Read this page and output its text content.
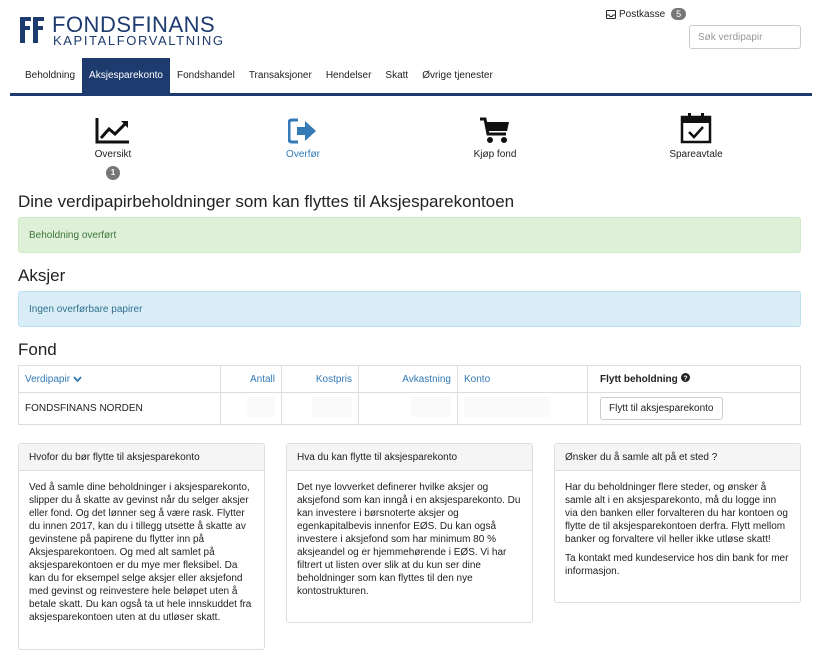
FONDSFINANS
KAPITALFORVALTNING
Postkasse	5
Søk verdipapir
Beholdning	Aksjesparekonto	Fondshandel	Transaksjoner	Hendelser	Skatt	Øvrige tjenester
Oversikt
1
Overfør	Kjøp fond	Spareavtale
Dine verdipapirbeholdninger som kan flyttes til Aksjesparekontoen
Beholdning overført
Aksjer
Ingen overførbare papirer
Fond
Verdipapir	Antall	Kostpris	Avkastning	Konto	Flytt beholdning ?

FONDSFINANS NORDEN					Flytt til aksjesparekonto
Hvofor du bør flytte til aksjesparekonto

Ved å samle dine beholdninger i aksjesparekonto, slipper du å skatte av gevinst når du selger aksjer eller fond. Og det lønner seg å være rask. Flytter du innen 2017, kan du i tillegg utsette å skatte av gevinstene på papirene du flytter inn på Aksjesparekontoen. Og med alt samlet på aksjesparekontoen er du mye mer fleksibel. Da kan du for eksempel selge aksjer eller aksjefond med gevinst og reinvestere hele beløpet uten å betale skatt. Du kan også ta ut hele innskuddet fra aksjesparekontoen uten at du utløser skatt.

Hva du kan flytte til aksjesparekonto

Det nye lovverket definerer hvilke aksjer og aksjefond som kan inngå i en aksjesparekonto. Du kan investere i børsnoterte aksjer og egenkapitalbevis innenfor EØS. Du kan også investere i aksjefond som har minimum 80 % aksjeandel og er hjemmehørende i EØS. Vi har filtrert ut listen over slik at du kun ser dine beholdninger som kan flyttes til den nye kontostrukturen.

Ønsker du å samle alt på et sted ?

Har du beholdninger flere steder, og ønsker å samle alt i en aksjesparekonto, må du logge inn via den banken eller forvalteren du har kontoen og flytte de til aksjesparekontoen derfra. Flytt mellom banker og forvaltere vil heller ikke utløse skatt!

Ta kontakt med kundeservice hos din bank for mer informasjon.
